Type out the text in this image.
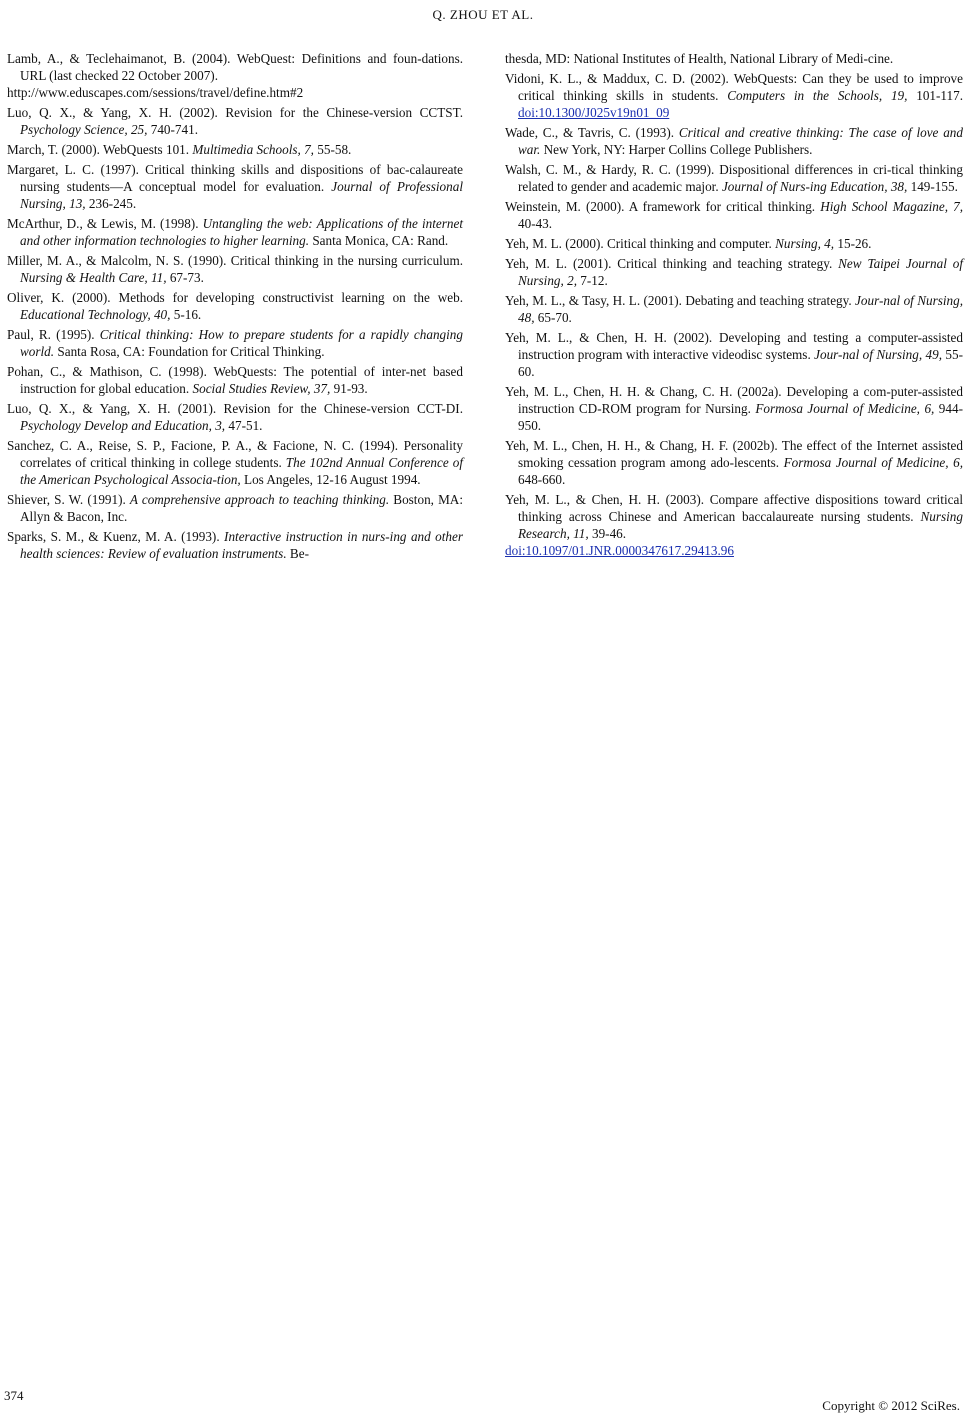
Q. ZHOU ET AL.

Lamb, A., & Teclehaimanot, B. (2004). WebQuest: Definitions and foun-dations. URL (last checked 22 October 2007).
http://www.eduscapes.com/sessions/travel/define.htm#2

Luo, Q. X., & Yang, X. H. (2002). Revision for the Chinese-version CCTST. Psychology Science, 25, 740-741.

March, T. (2000). WebQuests 101. Multimedia Schools, 7, 55-58.

Margaret, L. C. (1997). Critical thinking skills and dispositions of bac-calaureate nursing students—A conceptual model for evaluation. Journal of Professional Nursing, 13, 236-245.

McArthur, D., & Lewis, M. (1998). Untangling the web: Applications of the internet and other information technologies to higher learning. Santa Monica, CA: Rand.

Miller, M. A., & Malcolm, N. S. (1990). Critical thinking in the nursing curriculum. Nursing & Health Care, 11, 67-73.

Oliver, K. (2000). Methods for developing constructivist learning on the web. Educational Technology, 40, 5-16.

Paul, R. (1995). Critical thinking: How to prepare students for a rapidly changing world. Santa Rosa, CA: Foundation for Critical Thinking.

Pohan, C., & Mathison, C. (1998). WebQuests: The potential of inter-net based instruction for global education. Social Studies Review, 37, 91-93.

Luo, Q. X., & Yang, X. H. (2001). Revision for the Chinese-version CCT-DI. Psychology Develop and Education, 3, 47-51.

Sanchez, C. A., Reise, S. P., Facione, P. A., & Facione, N. C. (1994). Personality correlates of critical thinking in college students. The 102nd Annual Conference of the American Psychological Associa-tion, Los Angeles, 12-16 August 1994.

Shiever, S. W. (1991). A comprehensive approach to teaching thinking. Boston, MA: Allyn & Bacon, Inc.

Sparks, S. M., & Kuenz, M. A. (1993). Interactive instruction in nurs-ing and other health sciences: Review of evaluation instruments. Be-

thesda, MD: National Institutes of Health, National Library of Medi-cine.

Vidoni, K. L., & Maddux, C. D. (2002). WebQuests: Can they be used to improve critical thinking skills in students. Computers in the Schools, 19, 101-117. doi:10.1300/J025v19n01_09

Wade, C., & Tavris, C. (1993). Critical and creative thinking: The case of love and war. New York, NY: Harper Collins College Publishers.

Walsh, C. M., & Hardy, R. C. (1999). Dispositional differences in cri-tical thinking related to gender and academic major. Journal of Nurs-ing Education, 38, 149-155.

Weinstein, M. (2000). A framework for critical thinking. High School Magazine, 7, 40-43.

Yeh, M. L. (2000). Critical thinking and computer. Nursing, 4, 15-26.

Yeh, M. L. (2001). Critical thinking and teaching strategy. New Taipei Journal of Nursing, 2, 7-12.

Yeh, M. L., & Tasy, H. L. (2001). Debating and teaching strategy. Jour-nal of Nursing, 48, 65-70.

Yeh, M. L., & Chen, H. H. (2002). Developing and testing a computer-assisted instruction program with interactive videodisc systems. Jour-nal of Nursing, 49, 55-60.

Yeh, M. L., Chen, H. H. & Chang, C. H. (2002a). Developing a com-puter-assisted instruction CD-ROM program for Nursing. Formosa Journal of Medicine, 6, 944-950.

Yeh, M. L., Chen, H. H., & Chang, H. F. (2002b). The effect of the Internet assisted smoking cessation program among ado-lescents. Formosa Journal of Medicine, 6, 648-660.

Yeh, M. L., & Chen, H. H. (2003). Compare affective dispositions toward critical thinking across Chinese and American baccalaureate nursing students. Nursing Research, 11, 39-46.
doi:10.1097/01.JNR.0000347617.29413.96

374
Copyright © 2012 SciRes.
